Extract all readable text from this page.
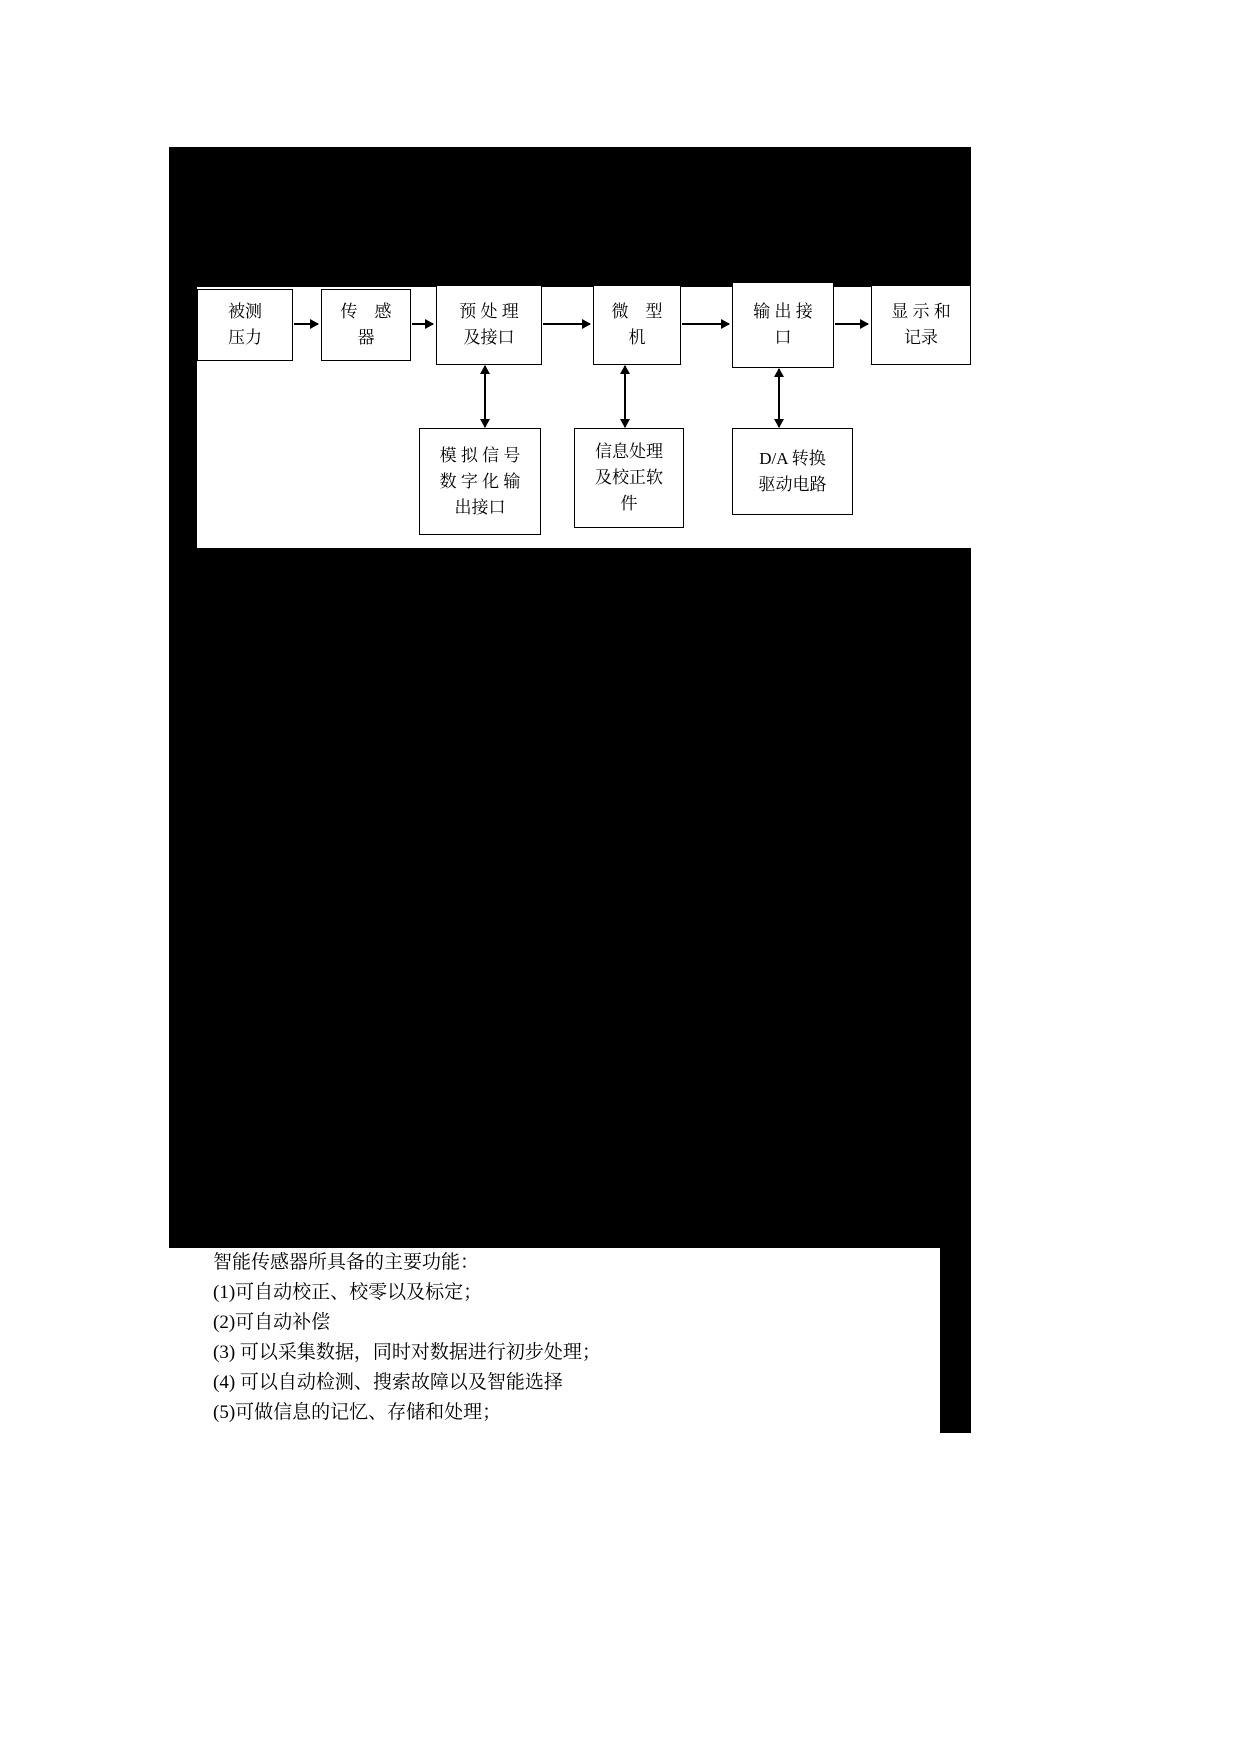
被测
压力
传　感
器
预 处 理
及接口
微　型
机
输 出 接
口
显 示 和
记录
模 拟 信 号
数 字 化 输
出接口
信息处理
及校正软
件
D/A 转换
驱动电路
智能传感器所具备的主要功能：
(1)可自动校正、校零以及标定；
(2)可自动补偿
(3) 可以采集数据，同时对数据进行初步处理；
(4) 可以自动检测、搜索故障以及智能选择
(5)可做信息的记忆、存储和处理；
